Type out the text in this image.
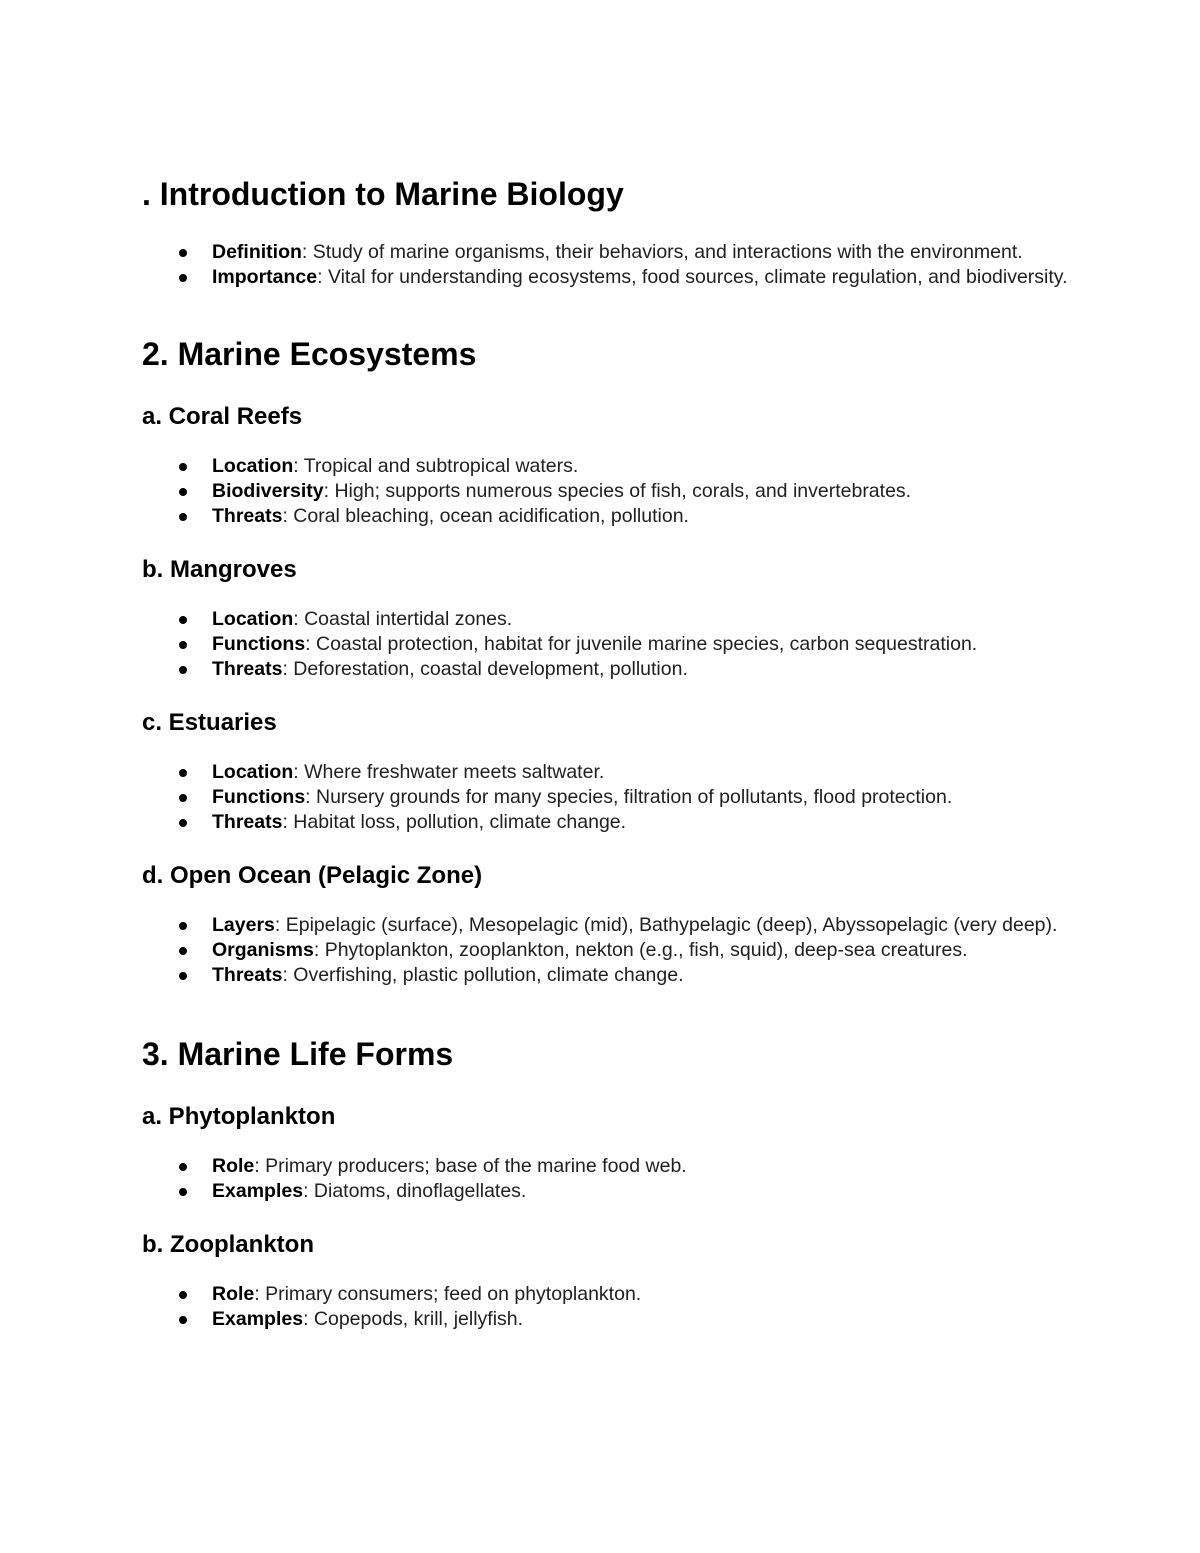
. Introduction to Marine Biology
Definition: Study of marine organisms, their behaviors, and interactions with the environment.
Importance: Vital for understanding ecosystems, food sources, climate regulation, and biodiversity.
2. Marine Ecosystems
a. Coral Reefs
Location: Tropical and subtropical waters.
Biodiversity: High; supports numerous species of fish, corals, and invertebrates.
Threats: Coral bleaching, ocean acidification, pollution.
b. Mangroves
Location: Coastal intertidal zones.
Functions: Coastal protection, habitat for juvenile marine species, carbon sequestration.
Threats: Deforestation, coastal development, pollution.
c. Estuaries
Location: Where freshwater meets saltwater.
Functions: Nursery grounds for many species, filtration of pollutants, flood protection.
Threats: Habitat loss, pollution, climate change.
d. Open Ocean (Pelagic Zone)
Layers: Epipelagic (surface), Mesopelagic (mid), Bathypelagic (deep), Abyssopelagic (very deep).
Organisms: Phytoplankton, zooplankton, nekton (e.g., fish, squid), deep-sea creatures.
Threats: Overfishing, plastic pollution, climate change.
3. Marine Life Forms
a. Phytoplankton
Role: Primary producers; base of the marine food web.
Examples: Diatoms, dinoflagellates.
b. Zooplankton
Role: Primary consumers; feed on phytoplankton.
Examples: Copepods, krill, jellyfish.
